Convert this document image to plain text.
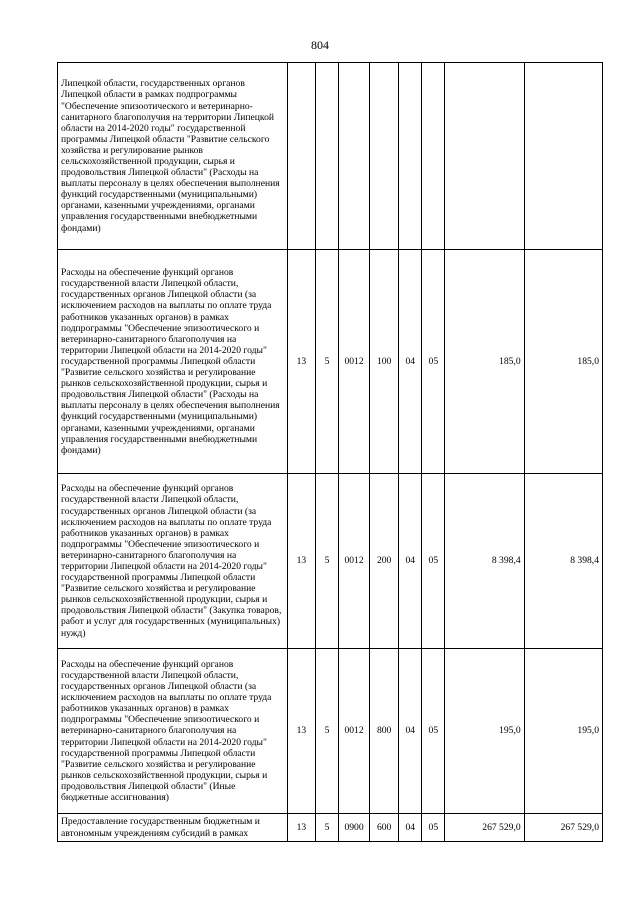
804
Липецкой области, государственных органов Липецкой области в рамках подпрограммы "Обеспечение эпизоотического и ветеринарно-санитарного благополучия на территории Липецкой области на 2014-2020 годы" государственной программы Липецкой области "Развитие сельского хозяйства и регулирование рынков сельскохозяйственной продукции, сырья и продовольствия Липецкой области" (Расходы на выплаты персоналу в целях обеспечения выполнения функций государственными (муниципальными) органами, казенными учреждениями, органами управления государственными внебюджетными фондами)								
Расходы на обеспечение функций органов государственной власти Липецкой области, государственных органов Липецкой области (за исключением расходов на выплаты по оплате труда работников указанных органов) в рамках подпрограммы "Обеспечение эпизоотического и ветеринарно-санитарного благополучия на территории Липецкой области на 2014-2020 годы" государственной программы Липецкой области "Развитие сельского хозяйства и регулирование рынков сельскохозяйственной продукции, сырья и продовольствия Липецкой области" (Расходы на выплаты персоналу в целях обеспечения выполнения функций государственными (муниципальными) органами, казенными учреждениями, органами управления государственными внебюджетными фондами)	13	5	0012	100	04	05	185,0	185,0
Расходы на обеспечение функций органов государственной власти Липецкой области, государственных органов Липецкой области (за исключением расходов на выплаты по оплате труда работников указанных органов) в рамках подпрограммы "Обеспечение эпизоотического и ветеринарно-санитарного благополучия на территории Липецкой области на 2014-2020 годы" государственной программы Липецкой области "Развитие сельского хозяйства и регулирование рынков сельскохозяйственной продукции, сырья и продовольствия Липецкой области" (Закупка товаров, работ и услуг для государственных (муниципальных) нужд)	13	5	0012	200	04	05	8 398,4	8 398,4
Расходы на обеспечение функций органов государственной власти Липецкой области, государственных органов Липецкой области (за исключением расходов на выплаты по оплате труда работников указанных органов) в рамках подпрограммы "Обеспечение эпизоотического и ветеринарно-санитарного благополучия на территории Липецкой области на 2014-2020 годы" государственной программы Липецкой области "Развитие сельского хозяйства и регулирование рынков сельскохозяйственной продукции, сырья и продовольствия Липецкой области" (Иные бюджетные ассигнования)	13	5	0012	800	04	05	195,0	195,0
Предоставление государственным бюджетным и автономным учреждениям субсидий в рамках	13	5	0900	600	04	05	267 529,0	267 529,0
